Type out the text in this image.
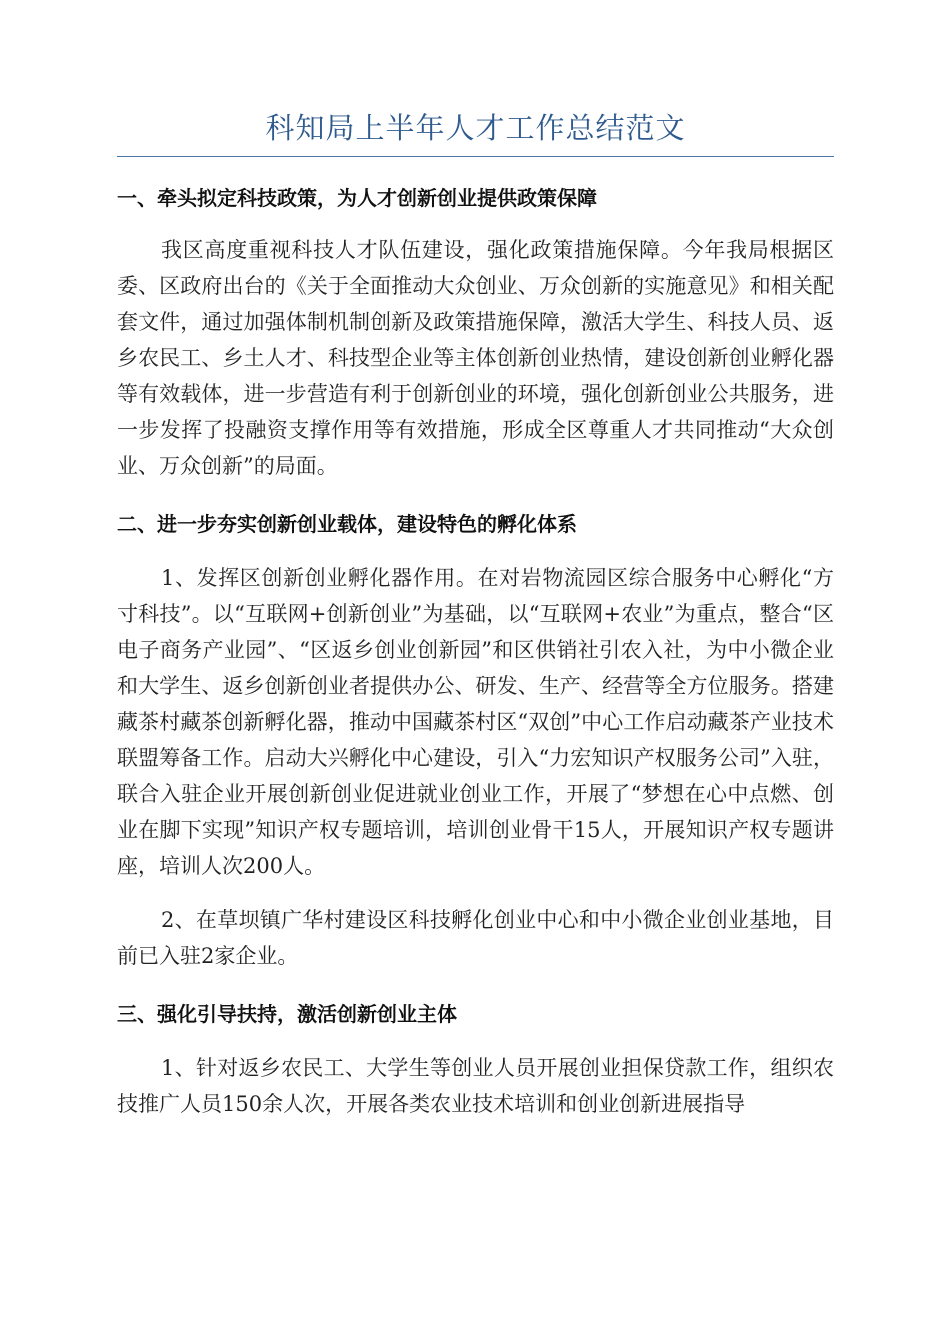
科知局上半年人才工作总结范文
一、牵头拟定科技政策，为人才创新创业提供政策保障

我区高度重视科技人才队伍建设，强化政策措施保障。今年我局根据区委、区政府出台的《关于全面推动大众创业、万众创新的实施意见》和相关配套文件，通过加强体制机制创新及政策措施保障，激活大学生、科技人员、返乡农民工、乡土人才、科技型企业等主体创新创业热情，建设创新创业孵化器等有效载体，进一步营造有利于创新创业的环境，强化创新创业公共服务，进一步发挥了投融资支撑作用等有效措施，形成全区尊重人才共同推动“大众创业、万众创新”的局面。

二、进一步夯实创新创业载体，建设特色的孵化体系

1、发挥区创新创业孵化器作用。在对岩物流园区综合服务中心孵化“方寸科技”。以“互联网+创新创业”为基础，以“互联网+农业”为重点，整合“区电子商务产业园”、“区返乡创业创新园”和区供销社引农入社，为中小微企业和大学生、返乡创新创业者提供办公、研发、生产、经营等全方位服务。搭建藏茶村藏茶创新孵化器，推动中国藏茶村区“双创”中心工作启动藏茶产业技术联盟筹备工作。启动大兴孵化中心建设，引入“力宏知识产权服务公司”入驻，联合入驻企业开展创新创业促进就业创业工作，开展了“梦想在心中点燃、创业在脚下实现”知识产权专题培训，培训创业骨干15人，开展知识产权专题讲座，培训人次200人。

2、在草坝镇广华村建设区科技孵化创业中心和中小微企业创业基地，目前已入驻2家企业。

三、强化引导扶持，激活创新创业主体

1、针对返乡农民工、大学生等创业人员开展创业担保贷款工作，组织农技推广人员150余人次，开展各类农业技术培训和创业创新进展指导
